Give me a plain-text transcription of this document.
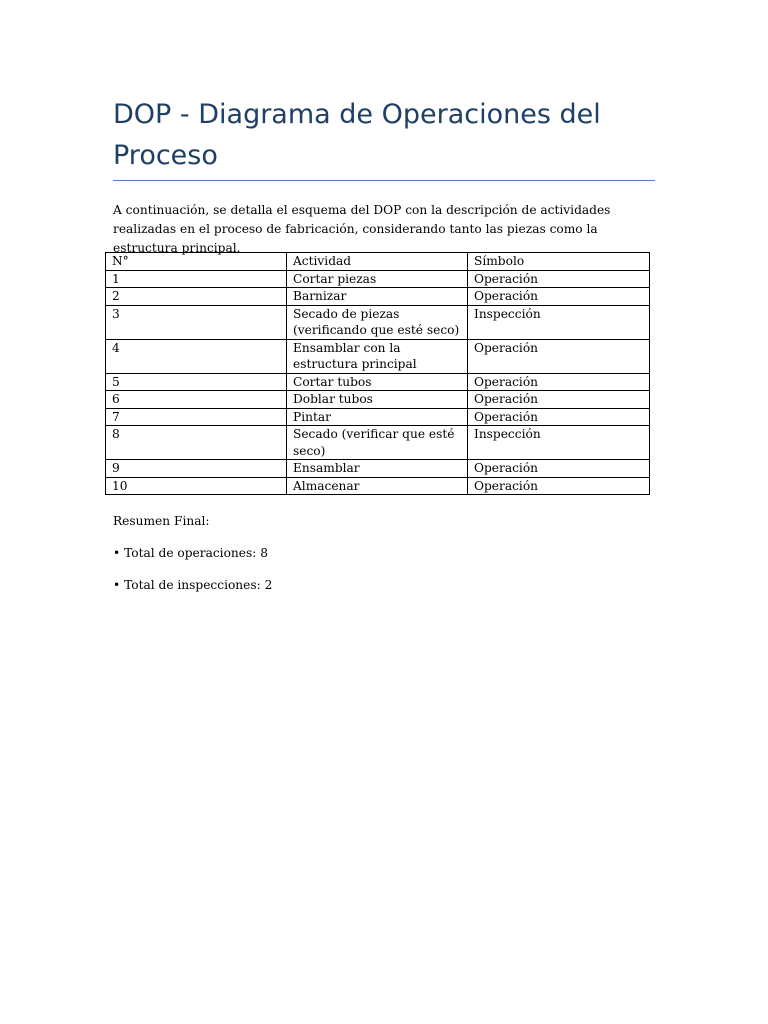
DOP - Diagrama de Operaciones del Proceso

A continuación, se detalla el esquema del DOP con la descripción de actividades realizadas en el proceso de fabricación, considerando tanto las piezas como la estructura principal.

N°	Actividad	Símbolo
1	Cortar piezas	Operación
2	Barnizar	Operación
3	Secado de piezas (verificando que esté seco)	Inspección
4	Ensamblar con la estructura principal	Operación
5	Cortar tubos	Operación
6	Doblar tubos	Operación
7	Pintar	Operación
8	Secado (verificar que esté seco)	Inspección
9	Ensamblar	Operación
10	Almacenar	Operación

Resumen Final:

• Total de operaciones: 8

• Total de inspecciones: 2
